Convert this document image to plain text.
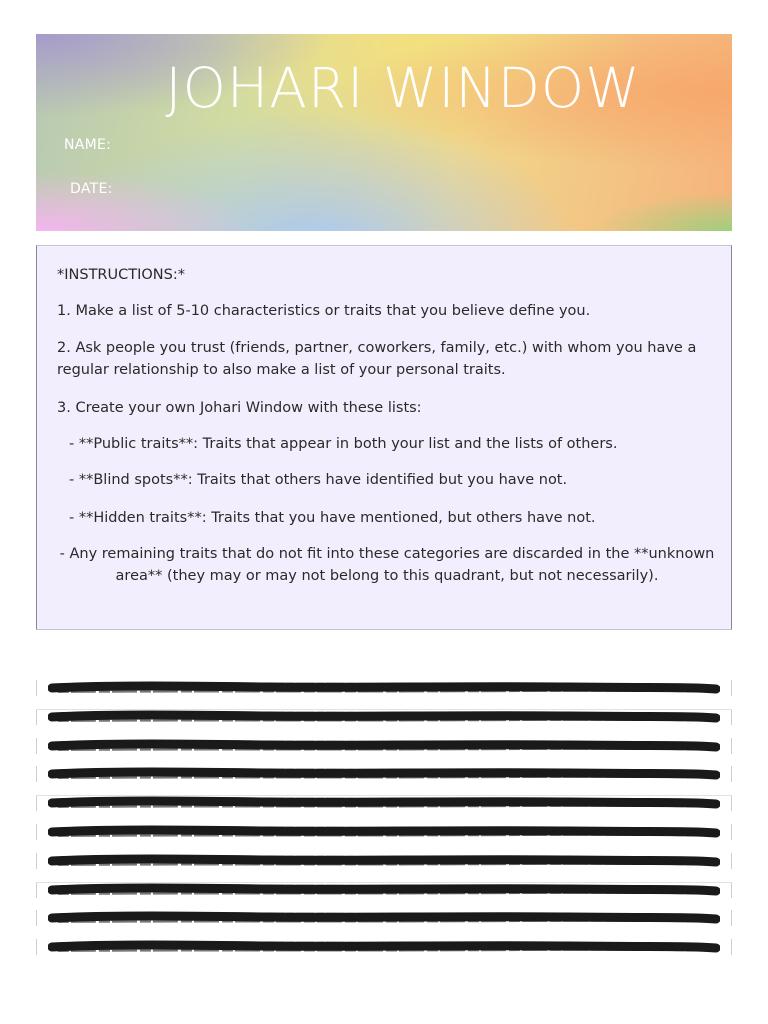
JOHARI WINDOW
NAME:
DATE:

*INSTRUCTIONS:*

1. Make a list of 5-10 characteristics or traits that you believe define you.

2. Ask people you trust (friends, partner, coworkers, family, etc.) with whom you have a regular relationship to also make a list of your personal traits.

3. Create your own Johari Window with these lists:

- **Public traits**: Traits that appear in both your list and the lists of others.

- **Blind spots**: Traits that others have identified but you have not.

- **Hidden traits**: Traits that you have mentioned, but others have not.

- Any remaining traits that do not fit into these categories are discarded in the **unknown area** (they may or may not belong to this quadrant, but not necessarily).
